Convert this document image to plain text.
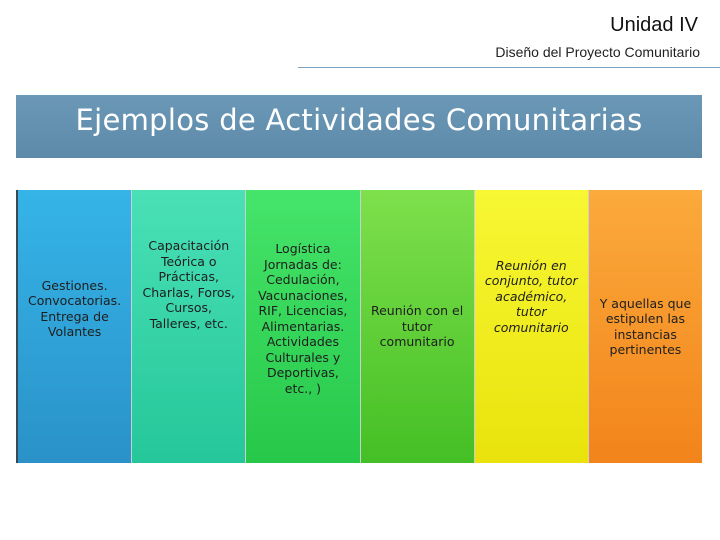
Unidad IV
Diseño del Proyecto Comunitario
Ejemplos de Actividades Comunitarias
Gestiones.
Convocatorias.
Entrega de
Volantes
Capacitación
Teórica o
Prácticas,
Charlas, Foros,
Cursos,
Talleres, etc.
Logística
Jornadas de:
Cedulación,
Vacunaciones,
RIF, Licencias,
Alimentarias.
Actividades
Culturales y
Deportivas,
etc., )
Reunión con el
tutor
comunitario
Reunión en
conjunto, tutor
académico,
tutor
comunitario
Y aquellas que
estipulen las
instancias
pertinentes
